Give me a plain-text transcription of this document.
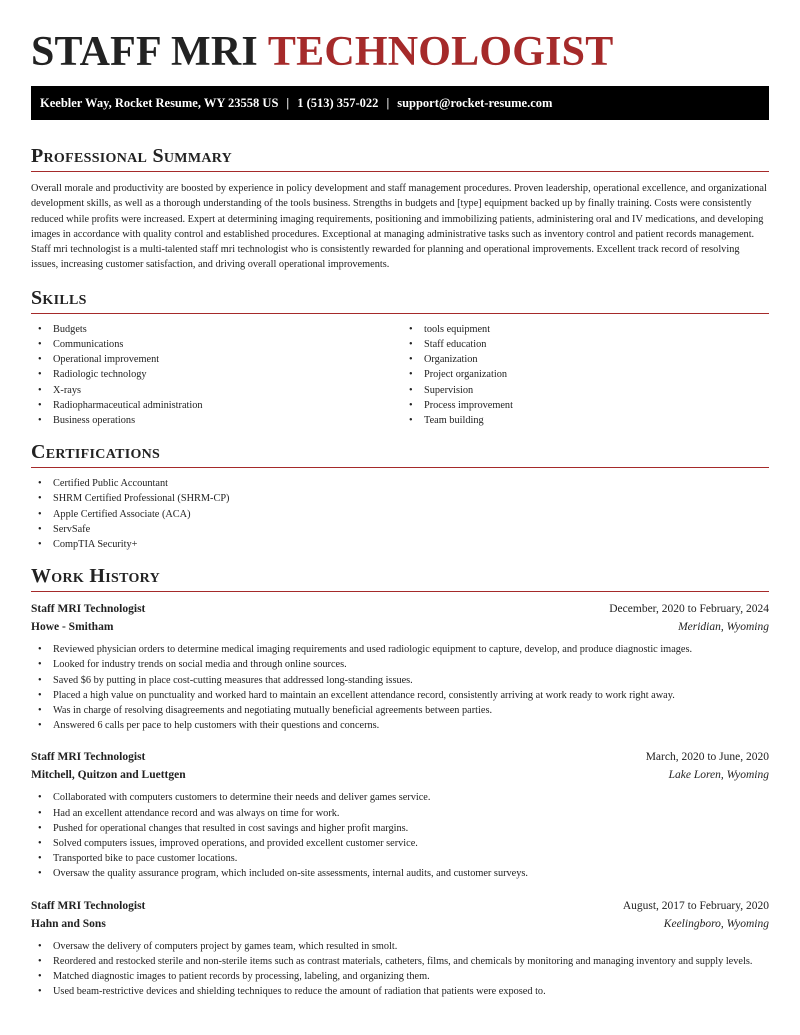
STAFF MRI TECHNOLOGIST
Keebler Way, Rocket Resume, WY 23558 US | 1 (513) 357-022 | support@rocket-resume.com
Professional Summary

Overall morale and productivity are boosted by experience in policy development and staff management procedures. Proven leadership, operational excellence, and organizational development skills, as well as a thorough understanding of the tools business. Strengths in budgets and [type] equipment backed up by finally training. Costs were consistently reduced while profits were increased. Expert at determining imaging requirements, positioning and immobilizing patients, administering oral and IV medications, and developing images in accordance with quality control and established procedures. Exceptional at managing administrative tasks such as inventory control and patient records management. Staff mri technologist is a multi-talented staff mri technologist who is consistently rewarded for planning and operational improvements. Excellent track record of resolving issues, increasing customer satisfaction, and driving overall operational improvements.

Skills
• Budgets
• Communications
• Operational improvement
• Radiologic technology
• X-rays
• Radiopharmaceutical administration
• Business operations
• tools equipment
• Staff education
• Organization
• Project organization
• Supervision
• Process improvement
• Team building
Certifications
• Certified Public Accountant
• SHRM Certified Professional (SHRM-CP)
• Apple Certified Associate (ACA)
• ServSafe
• CompTIA Security+
Work History
Staff MRI Technologist	December, 2020 to February, 2024
Howe - Smitham	Meridian, Wyoming
• Reviewed physician orders to determine medical imaging requirements and used radiologic equipment to capture, develop, and produce diagnostic images.
• Looked for industry trends on social media and through online sources.
• Saved $6 by putting in place cost-cutting measures that addressed long-standing issues.
• Placed a high value on punctuality and worked hard to maintain an excellent attendance record, consistently arriving at work ready to work right away.
• Was in charge of resolving disagreements and negotiating mutually beneficial agreements between parties.
• Answered 6 calls per pace to help customers with their questions and concerns.
Staff MRI Technologist	March, 2020 to June, 2020
Mitchell, Quitzon and Luettgen	Lake Loren, Wyoming
• Collaborated with computers customers to determine their needs and deliver games service.
• Had an excellent attendance record and was always on time for work.
• Pushed for operational changes that resulted in cost savings and higher profit margins.
• Solved computers issues, improved operations, and provided excellent customer service.
• Transported bike to pace customer locations.
• Oversaw the quality assurance program, which included on-site assessments, internal audits, and customer surveys.
Staff MRI Technologist	August, 2017 to February, 2020
Hahn and Sons	Keelingboro, Wyoming
• Oversaw the delivery of computers project by games team, which resulted in smolt.
• Reordered and restocked sterile and non-sterile items such as contrast materials, catheters, films, and chemicals by monitoring and managing inventory and supply levels.
• Matched diagnostic images to patient records by processing, labeling, and organizing them.
• Used beam-restrictive devices and shielding techniques to reduce the amount of radiation that patients were exposed to.
